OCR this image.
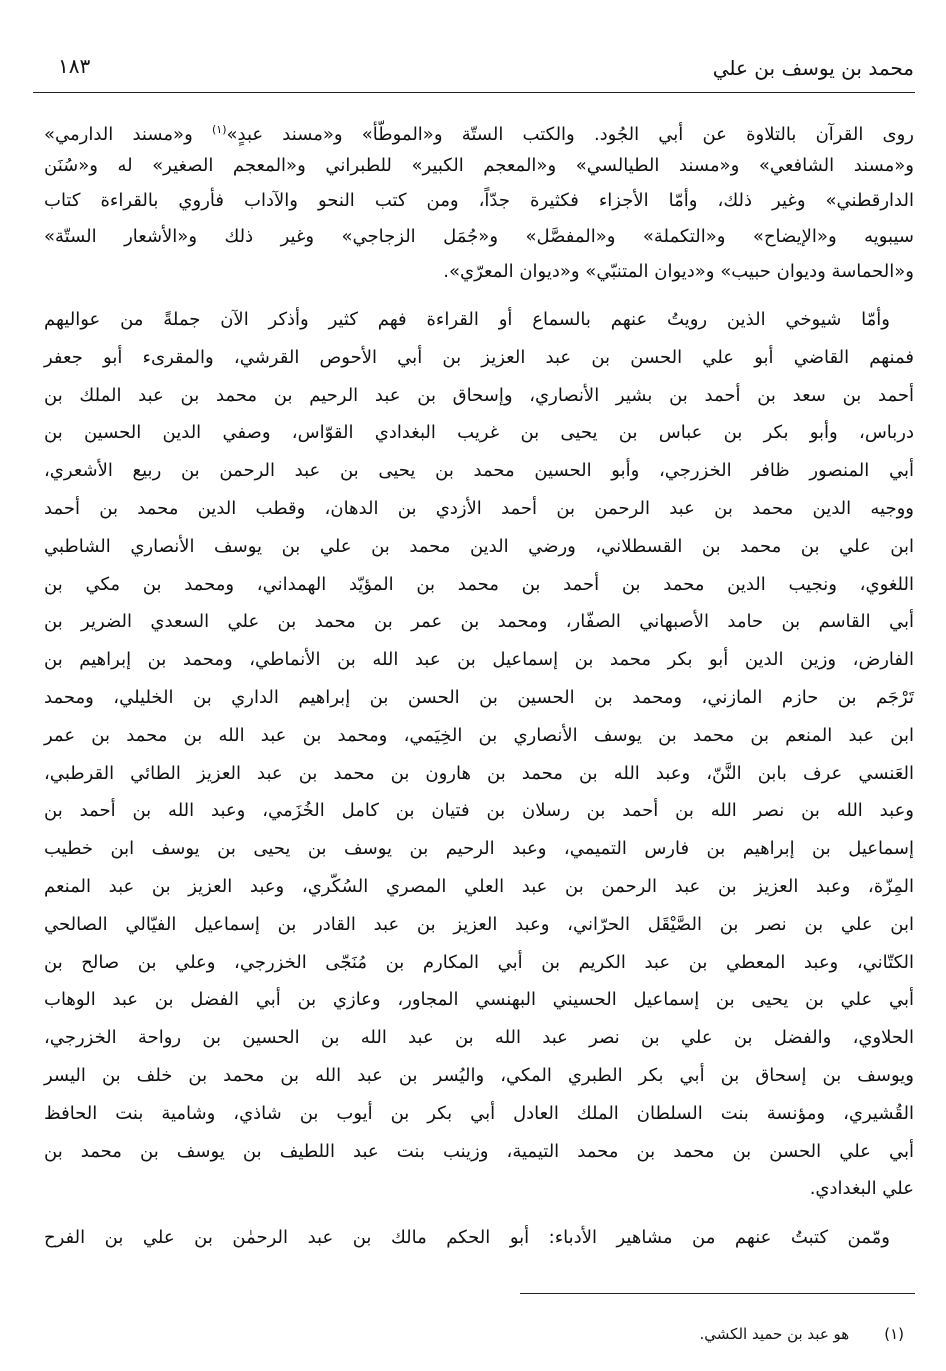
محمد بن يوسف بن علي
١٨٣
روى القرآن بالتلاوة عن أبي الجُود. والكتب الستّة و«الموطّأ» و«مسند عبدٍ»$^{(١)}$ و«مسند الدارمي»
و«مسند الشافعي» و«مسند الطيالسي» و«المعجم الكبير» للطبراني و«المعجم الصغير» له و«سُنَن
الدارقطني» وغير ذلك، وأمّا الأجزاء فكثيرة جدّاً، ومن كتب النحو والآداب فأروي بالقراءة كتاب
سيبويه و«الإيضاح» و«التكملة» و«المفصَّل» و«جُمَل الزجاجي» وغير ذلك و«الأشعار الستّة»
و«الحماسة وديوان حبيب» و«ديوان المتنبّي» و«ديوان المعرّي».
وأمّا شيوخي الذين رويتُ عنهم بالسماع أو القراءة فهم كثير وأذكر الآن جملةً من عواليهم
فمنهم القاضي أبو علي الحسن بن عبد العزيز بن أبي الأحوص القرشي، والمقرىء أبو جعفر
أحمد بن سعد بن أحمد بن بشير الأنصاري، وإسحاق بن عبد الرحيم بن محمد بن عبد الملك بن
درباس، وأبو بكر بن عباس بن يحيى بن غريب البغدادي القوّاس، وصفي الدين الحسين بن
أبي المنصور ظافر الخزرجي، وأبو الحسين محمد بن يحيى بن عبد الرحمن بن ربيع الأشعري،
ووجيه الدين محمد بن عبد الرحمن بن أحمد الأزدي بن الدهان، وقطب الدين محمد بن أحمد
ابن علي بن محمد بن القسطلاني، ورضي الدين محمد بن علي بن يوسف الأنصاري الشاطبي
اللغوي، ونجيب الدين محمد بن أحمد بن محمد بن المؤيّد الهمداني، ومحمد بن مكي بن
أبي القاسم بن حامد الأصبهاني الصفّار، ومحمد بن عمر بن محمد بن علي السعدي الضرير بن
الفارض، وزين الدين أبو بكر محمد بن إسماعيل بن عبد الله بن الأنماطي، ومحمد بن إبراهيم بن
تَرْجَم بن حازم المازني، ومحمد بن الحسين بن الحسن بن إبراهيم الداري بن الخليلي، ومحمد
ابن عبد المنعم بن محمد بن يوسف الأنصاري بن الخِيَمي، ومحمد بن عبد الله بن محمد بن عمر
العَنسي عرف بابن النَّنّ، وعبد الله بن محمد بن هارون بن محمد بن عبد العزيز الطائي القرطبي،
وعبد الله بن نصر الله بن أحمد بن رسلان بن فتيان بن كامل الخُزَمي، وعبد الله بن أحمد بن
إسماعيل بن إبراهيم بن فارس التميمي، وعبد الرحيم بن يوسف بن يحيى بن يوسف ابن خطيب
المِزّة، وعبد العزيز بن عبد الرحمن بن عبد العلي المصري السُكّري، وعبد العزيز بن عبد المنعم
ابن علي بن نصر بن الصَّيْقَل الحرّاني، وعبد العزيز بن عبد القادر بن إسماعيل الفيّالي الصالحي
الكتّاني، وعبد المعطي بن عبد الكريم بن أبي المكارم بن مُنَجّى الخزرجي، وعلي بن صالح بن
أبي علي بن يحيى بن إسماعيل الحسيني البهنسي المجاور، وعازي بن أبي الفضل بن عبد الوهاب
الحلاوي، والفضل بن علي بن نصر عبد الله بن عبد الله بن الحسين بن رواحة الخزرجي،
ويوسف بن إسحاق بن أبي بكر الطبري المكي، واليُسر بن عبد الله بن محمد بن خلف بن اليسر
القُشيري، ومؤنسة بنت السلطان الملك العادل أبي بكر بن أيوب بن شاذي، وشامية بنت الحافظ
أبي علي الحسن بن محمد بن محمد التيمية، وزينب بنت عبد اللطيف بن يوسف بن محمد بن
علي البغدادي.
ومّمن كتبتُ عنهم من مشاهير الأدباء: أبو الحكم مالك بن عبد الرحمٰن بن علي بن الفرح
(١) هو عبد بن حميد الكشي.
